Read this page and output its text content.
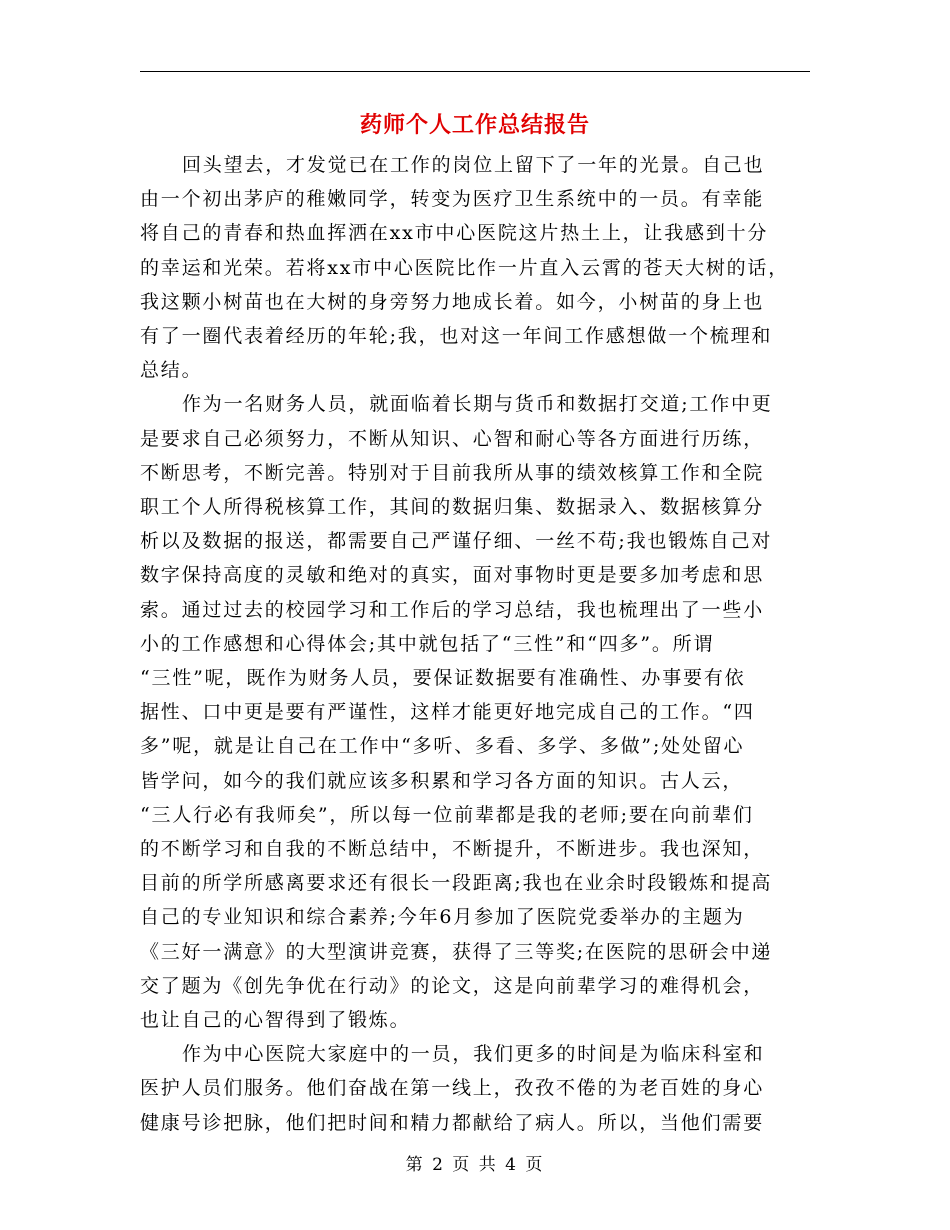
药师个人工作总结报告

回头望去，才发觉已在工作的岗位上留下了一年的光景。自己也
由一个初出茅庐的稚嫩同学，转变为医疗卫生系统中的一员。有幸能
将自己的青春和热血挥洒在xx市中心医院这片热土上，让我感到十分
的幸运和光荣。若将xx市中心医院比作一片直入云霄的苍天大树的话，
我这颗小树苗也在大树的身旁努力地成长着。如今，小树苗的身上也
有了一圈代表着经历的年轮;我，也对这一年间工作感想做一个梳理和
总结。

作为一名财务人员，就面临着长期与货币和数据打交道;工作中更
是要求自己必须努力，不断从知识、心智和耐心等各方面进行历练，
不断思考，不断完善。特别对于目前我所从事的绩效核算工作和全院
职工个人所得税核算工作，其间的数据归集、数据录入、数据核算分
析以及数据的报送，都需要自己严谨仔细、一丝不苟;我也锻炼自己对
数字保持高度的灵敏和绝对的真实，面对事物时更是要多加考虑和思
索。通过过去的校园学习和工作后的学习总结，我也梳理出了一些小
小的工作感想和心得体会;其中就包括了“三性”和“四多”。所谓
“三性”呢，既作为财务人员，要保证数据要有准确性、办事要有依
据性、口中更是要有严谨性，这样才能更好地完成自己的工作。“四
多”呢，就是让自己在工作中“多听、多看、多学、多做”;处处留心
皆学问，如今的我们就应该多积累和学习各方面的知识。古人云，
“三人行必有我师矣”，所以每一位前辈都是我的老师;要在向前辈们
的不断学习和自我的不断总结中，不断提升，不断进步。我也深知，
目前的所学所感离要求还有很长一段距离;我也在业余时段锻炼和提高
自己的专业知识和综合素养;今年6月参加了医院党委举办的主题为
《三好一满意》的大型演讲竞赛，获得了三等奖;在医院的思研会中递
交了题为《创先争优在行动》的论文，这是向前辈学习的难得机会，
也让自己的心智得到了锻炼。

作为中心医院大家庭中的一员，我们更多的时间是为临床科室和
医护人员们服务。他们奋战在第一线上，孜孜不倦的为老百姓的身心
健康号诊把脉，他们把时间和精力都献给了病人。所以，当他们需要

第 2 页 共 4 页
